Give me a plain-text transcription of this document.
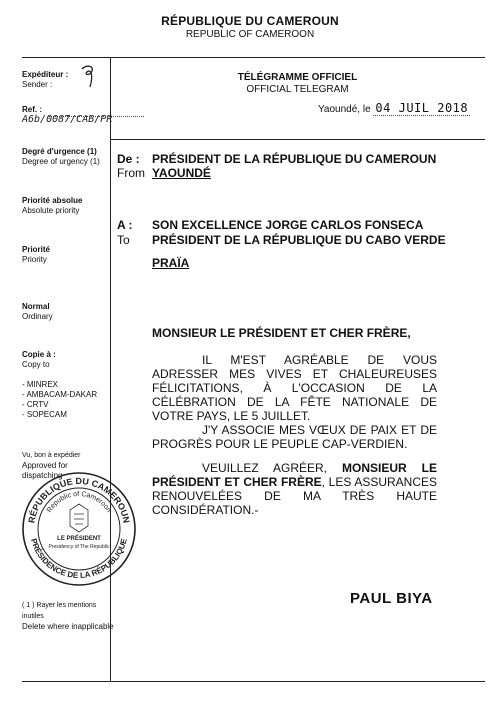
RÉPUBLIQUE DU CAMEROUN
REPUBLIC OF CAMEROON
Expéditeur :
Sender :
Ref. : A6b/0087/CAB/PR
Degré d'urgence (1)
Degree of urgency (1)
Priorité absolue
Absolute priority
Priorité
Priority
Normal
Ordinary
Copie à :
Copy to
- MINREX
- AMBACAM-DAKAR
- CRTV
- SOPECAM
Vu, bon à expédier
Approved for dispatching
RÉPUBLIQUE DU CAMEROUN
Republic of Cameroon
PRÉSIDENCE DE LA RÉPUBLIQUE
LE PRÉSIDENT
Presidency of The Republic
( 1 ) Rayer les mentions inutiles
Delete where inapplicable
TÉLÉGRAMME OFFICIEL
OFFICIAL TELEGRAM
Yaoundé, le 04 JUIL 2018
De :
From
PRÉSIDENT DE LA RÉPUBLIQUE DU CAMEROUN
YAOUNDÉ
A :
To
SON EXCELLENCE JORGE CARLOS FONSECA
PRÉSIDENT DE LA RÉPUBLIQUE DU CABO VERDE
PRAÏA
MONSIEUR LE PRÉSIDENT ET CHER FRÈRE,
IL M'EST AGRÉABLE DE VOUS ADRESSER MES VIVES ET CHALEUREUSES FÉLICITATIONS, À L'OCCASION DE LA CÉLÉBRATION DE LA FÊTE NATIONALE DE VOTRE PAYS, LE 5 JUILLET.
J'Y ASSOCIE MES VŒUX DE PAIX ET DE PROGRÈS POUR LE PEUPLE CAP-VERDIEN.
VEUILLEZ AGRÉER, MONSIEUR LE PRÉSIDENT ET CHER FRÈRE, LES ASSURANCES RENOUVELÉES DE MA TRÈS HAUTE CONSIDÉRATION.-
PAUL BIYA
